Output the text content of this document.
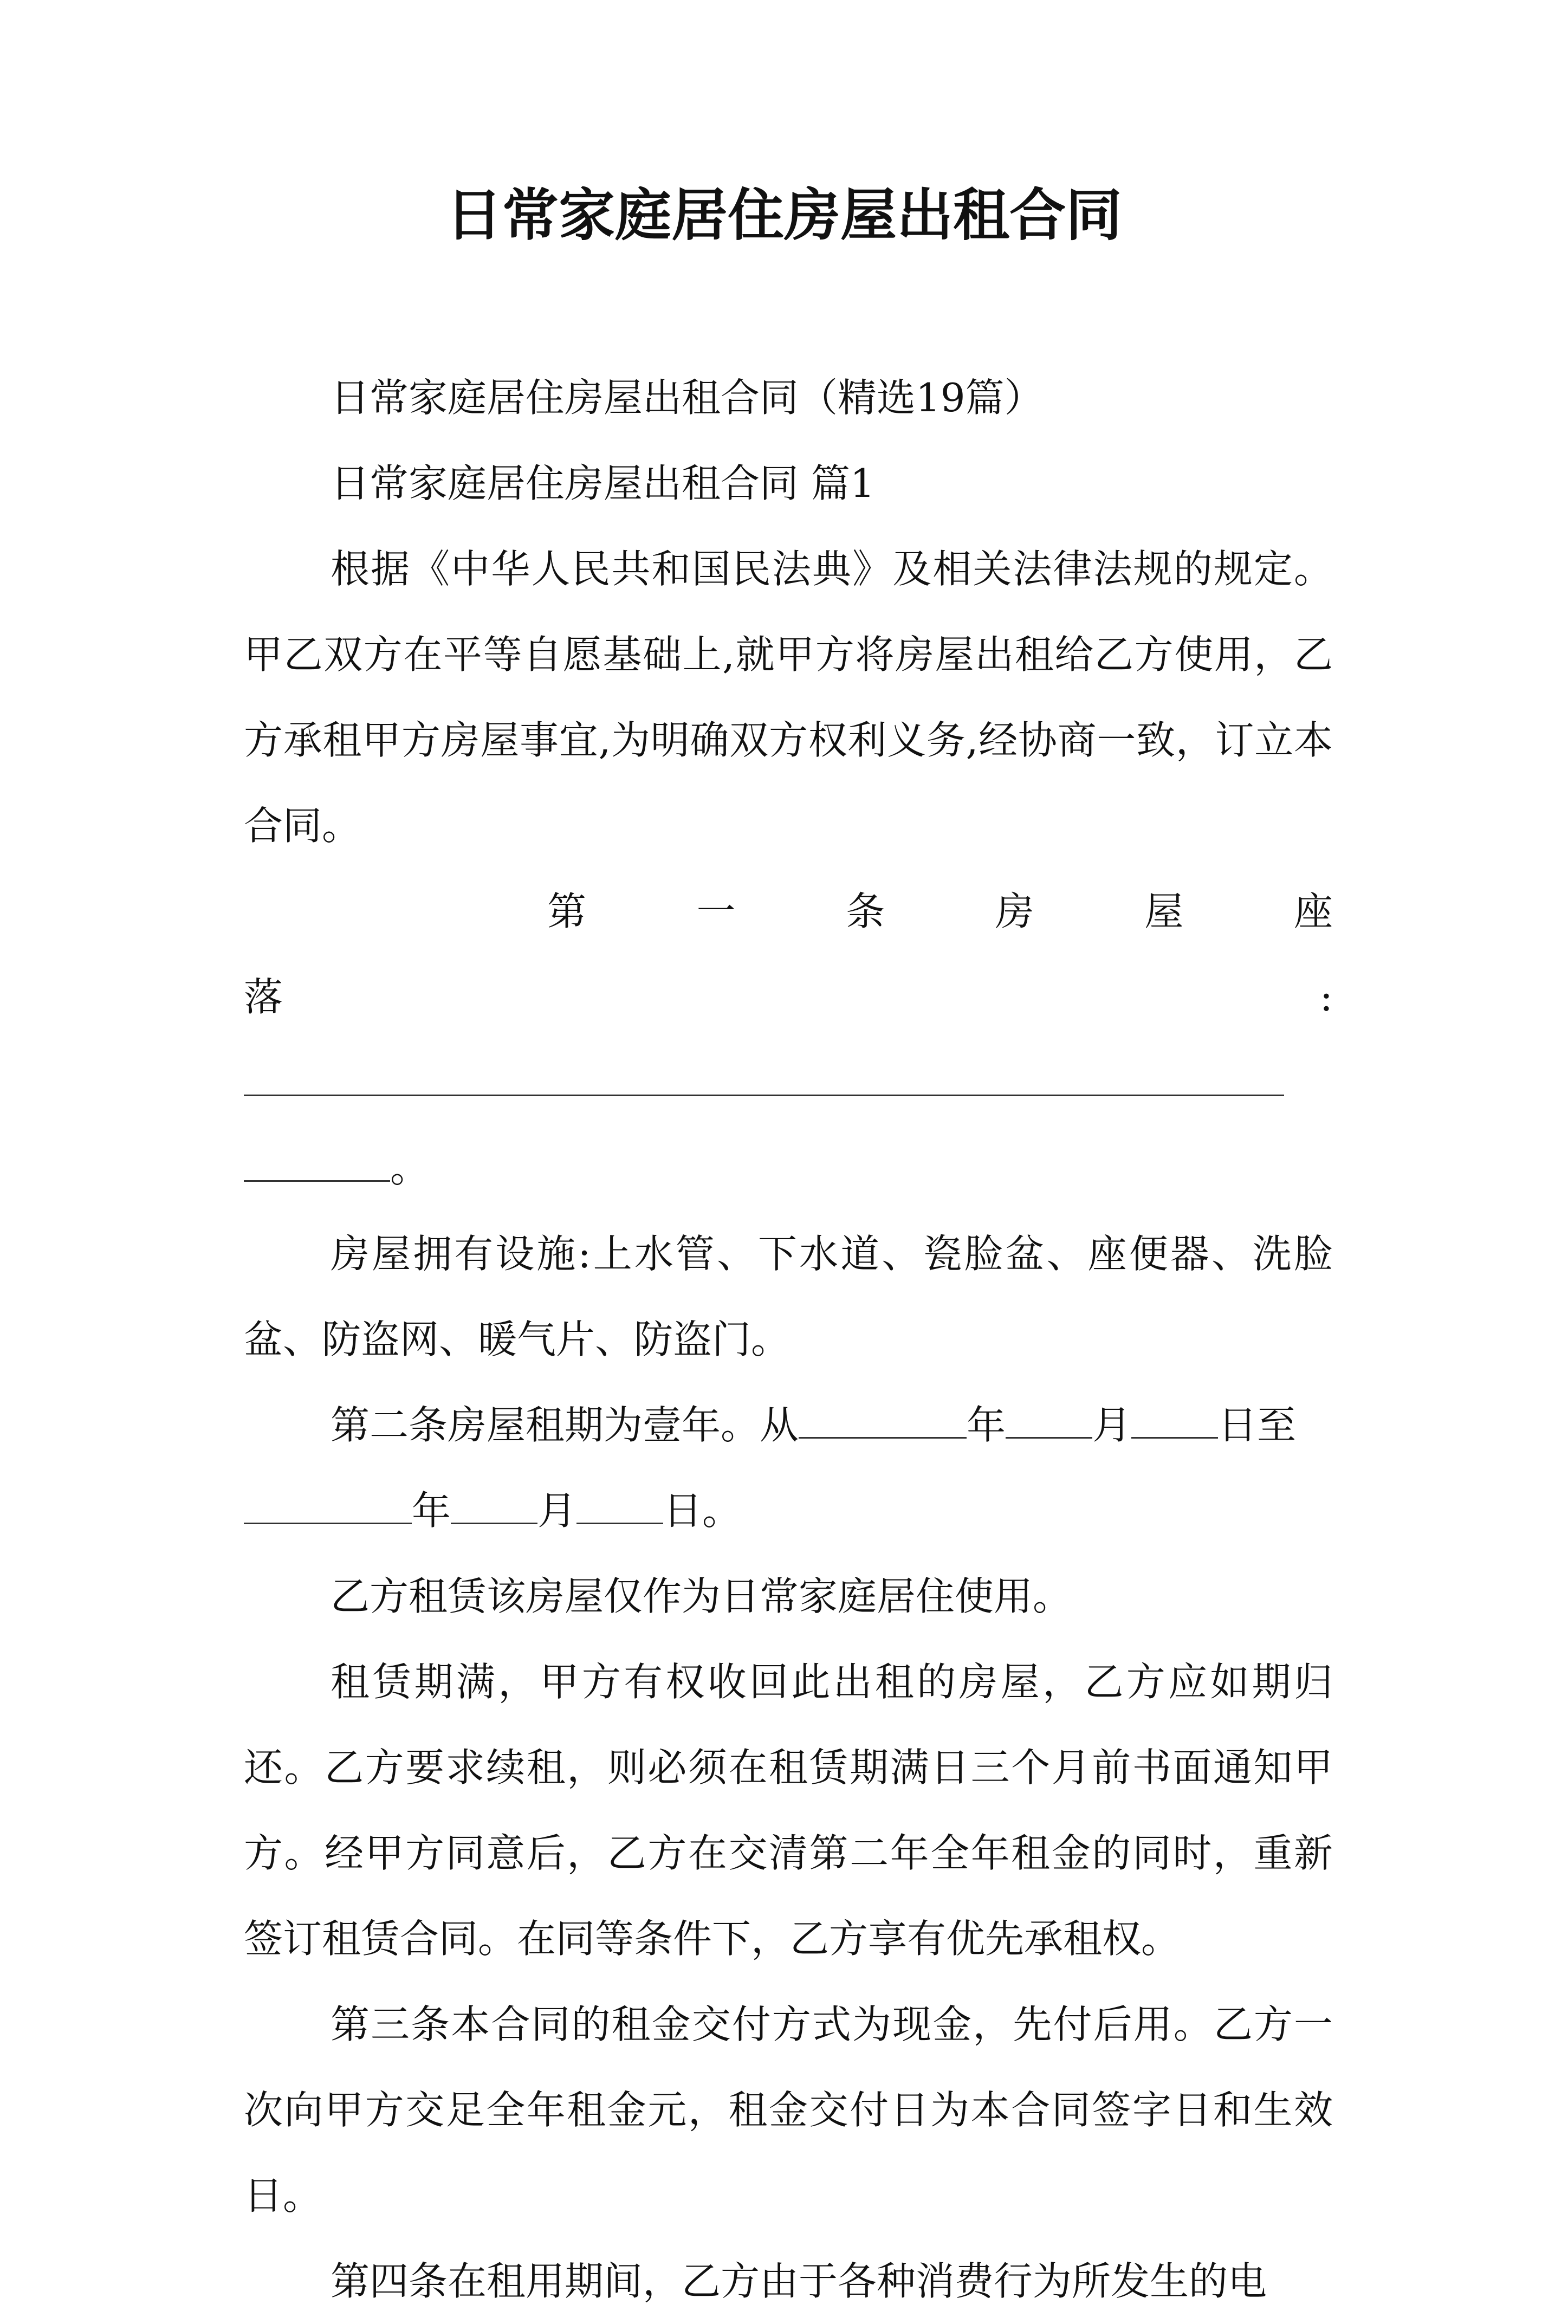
日常家庭居住房屋出租合同

日常家庭居住房屋出租合同（精选19篇）

日常家庭居住房屋出租合同 篇1

根据《中华人民共和国民法典》及相关法律法规的规定。甲乙双方在平等自愿基础上,就甲方将房屋出租给乙方使用，乙方承租甲方房屋事宜,为明确双方权利义务,经协商一致，订立本合同。

第	一	条	房	屋	座

落:

。

房屋拥有设施:上水管、下水道、瓷脸盆、座便器、洗脸盆、防盗网、暖气片、防盗门。

第二条房屋租期为壹年。从	年 月 日至

年 月 日。

乙方租赁该房屋仅作为日常家庭居住使用。

租赁期满，甲方有权收回此出租的房屋，乙方应如期归还。乙方要求续租，则必须在租赁期满日三个月前书面通知甲方。经甲方同意后，乙方在交清第二年全年租金的同时，重新签订租赁合同。在同等条件下，乙方享有优先承租权。

第三条本合同的租金交付方式为现金，先付后用。乙方一次向甲方交足全年租金元，租金交付日为本合同签字日和生效日。

第四条在租用期间，乙方由于各种消费行为所发生的电
